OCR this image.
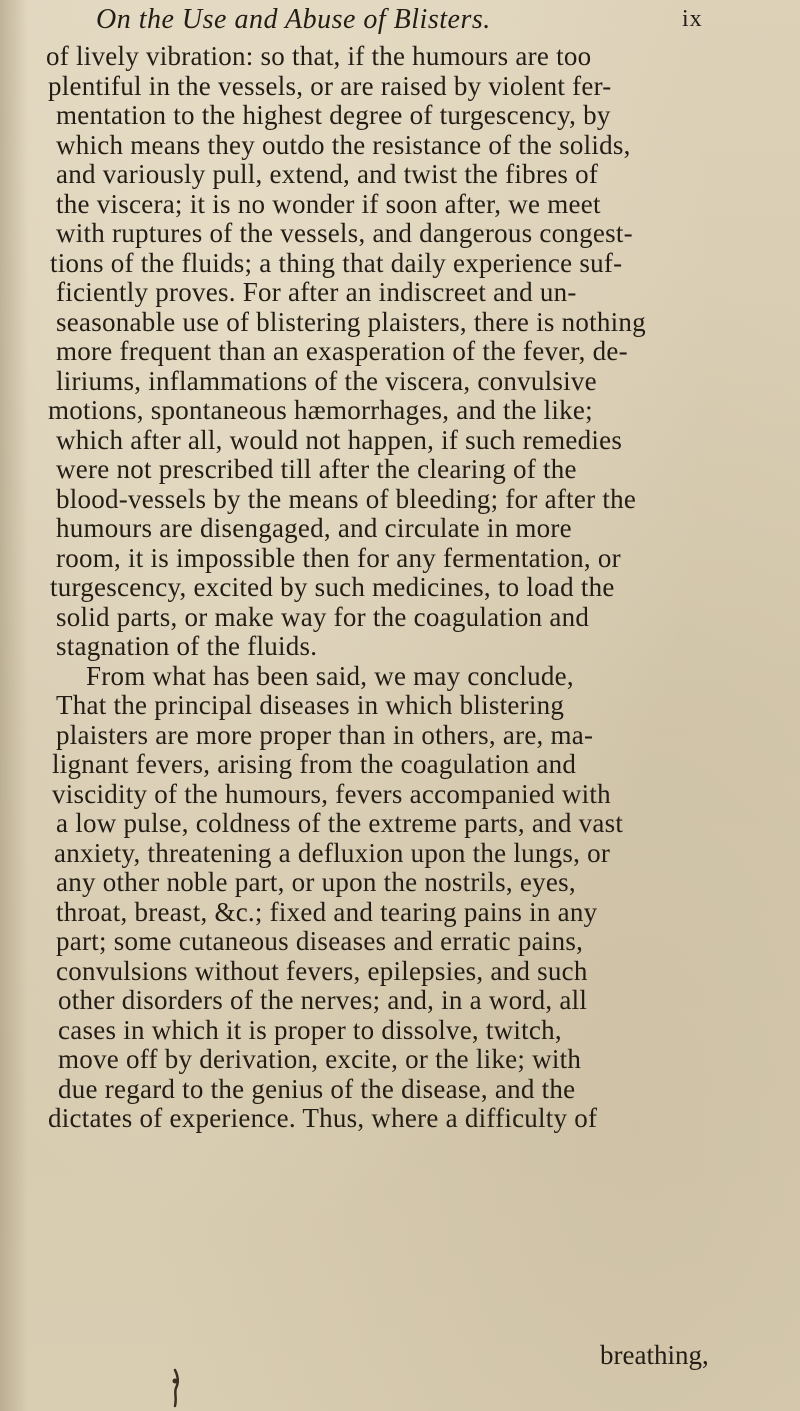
On the Use and Abuse of Blisters.	ix
of lively vibration: so that, if the humours are too
plentiful in the vessels, or are raised by violent fer-
mentation to the highest degree of turgescency, by
which means they outdo the resistance of the solids,
and variously pull, extend, and twist the fibres of
the viscera; it is no wonder if soon after, we meet
with ruptures of the vessels, and dangerous congest-
tions of the fluids; a thing that daily experience suf-
ficiently proves. For after an indiscreet and un-
seasonable use of blistering plaisters, there is nothing
more frequent than an exasperation of the fever, de-
liriums, inflammations of the viscera, convulsive
motions, spontaneous hæmorrhages, and the like;
which after all, would not happen, if such remedies
were not prescribed till after the clearing of the
blood-vessels by the means of bleeding; for after the
humours are disengaged, and circulate in more
room, it is impossible then for any fermentation, or
turgescency, excited by such medicines, to load the
solid parts, or make way for the coagulation and
stagnation of the fluids.
From what has been said, we may conclude,
That the principal diseases in which blistering
plaisters are more proper than in others, are, ma-
lignant fevers, arising from the coagulation and
viscidity of the humours, fevers accompanied with
a low pulse, coldness of the extreme parts, and vast
anxiety, threatening a defluxion upon the lungs, or
any other noble part, or upon the nostrils, eyes,
throat, breast, &c.; fixed and tearing pains in any
part; some cutaneous diseases and erratic pains,
convulsions without fevers, epilepsies, and such
other disorders of the nerves; and, in a word, all
cases in which it is proper to dissolve, twitch,
move off by derivation, excite, or the like; with
due regard to the genius of the disease, and the
dictates of experience. Thus, where a difficulty of
breathing,
